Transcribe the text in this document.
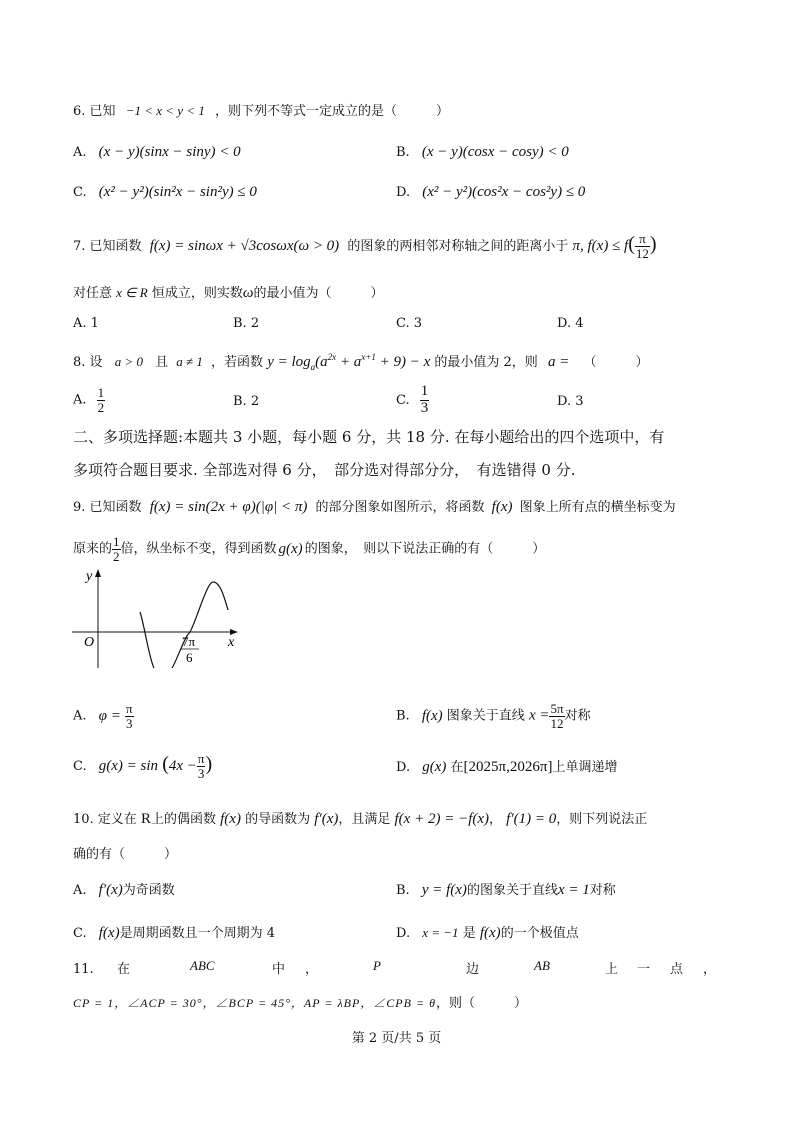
6. 已知 −1 < x < y < 1 ，则下列不等式一定成立的是（　　　）
A. (x − y)(sinx − siny) < 0	B. (x − y)(cosx − cosy) < 0
C. (x² − y²)(sin²x − sin²y) ≤ 0	D. (x² − y²)(cos²x − cos²y) ≤ 0
7. 已知函数 f(x) = sinωx + √3cosωx(ω > 0) 的图象的两相邻对称轴之间的距离小于 π, $f(x) \le f( \frac{\pi}{12}$ )
对任意 x ∈ R 恒成立，则实数ω的最小值为（　　　）
A. 1	B. 2	C. 3	D. 4
8. 设 a > 0 且 a ≠ 1 ，若函数 $y = \log_a(a^{2x} + a^{x+1} + 9) - x$ 的最小值为 2，则 a = （　　　）
A. $\frac{1}{2}$	B. 2	C. $\frac{1}{3}$	D. 3
二、多项选择题:本题共 3 小题，每小题 6 分，共 18 分. 在每小题给出的四个选项中，有
多项符合题目要求. 全部选对得 6 分，　部分选对得部分分，　有选错得 0 分.
9. 已知函数 f(x) = sin(2x + φ)(|φ| < π) 的部分图象如图所示，将函数 f(x) 图象上所有点的横坐标变为
原来的 $\frac{1}{2}$ 倍，纵坐标不变，得到函数 g(x) 的图象，　则以下说法正确的有（　　　）
y
x
O	7π
6
A. $\varphi = \frac{\pi}{3}$	B. f(x) 图象关于直线 $x = \frac{5\pi}{12}$ 对称
C. $g(x) = \sin (4x - \frac{\pi}{3}$ )	D. g(x) 在[2025π,2026π]上单调递增
10. 定义在 R上的偶函数 f(x) 的导函数为 f′(x)，且满足 f(x + 2) = −f(x)， f′(1) = 0，则下列说法正
确的有（　　　）
A. f′(x)为奇函数	B. y = f(x)的图象关于直线x = 1对称
C. f(x)是周期函数且一个周期为 4	D. x = −1 是 f(x)的一个极值点
11. 在	ABC	中 ，	P	边	AB	上 一 点 ，
CP = 1，∠ACP = 30°，∠BCP = 45°，AP = λBP，∠CPB = θ，则（　　　）
第 2 页/共 5 页
